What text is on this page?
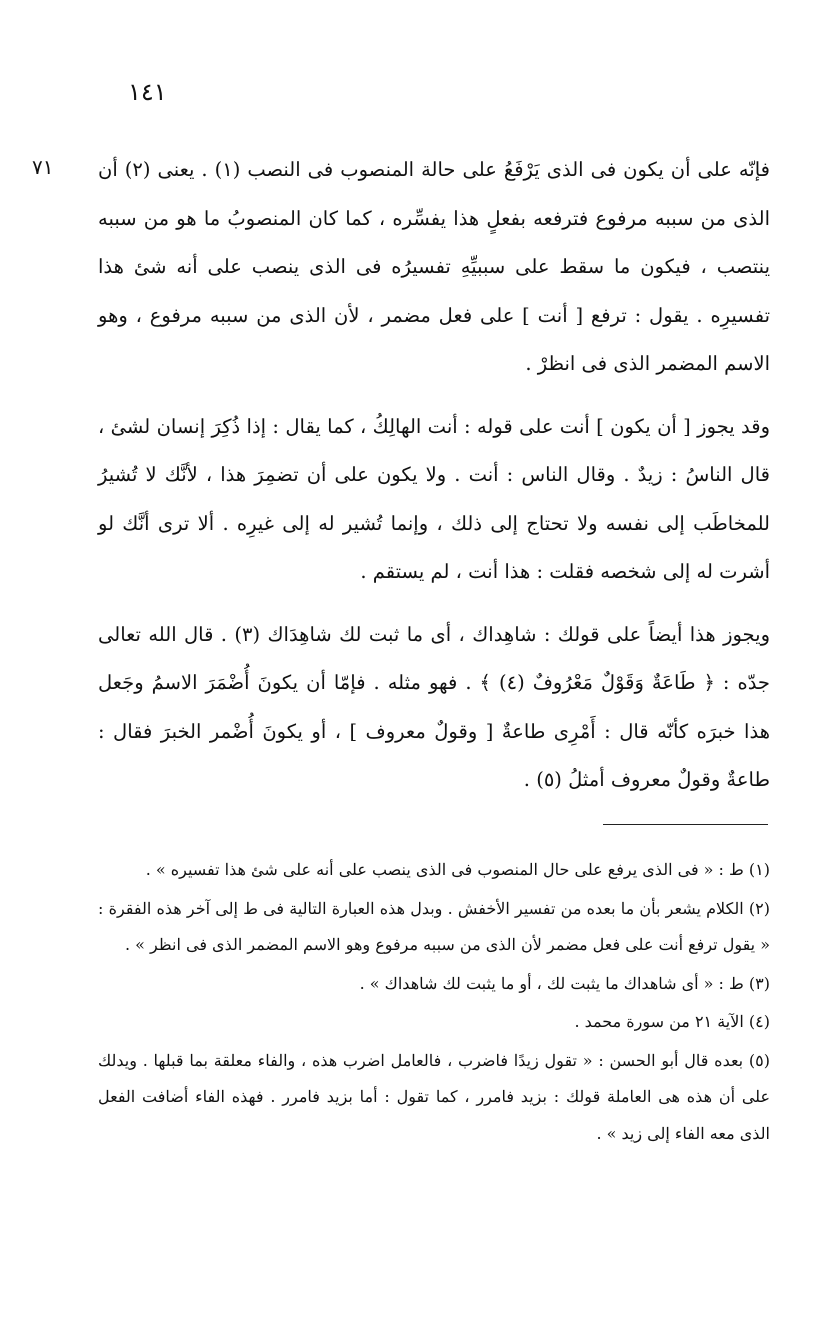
١٤١
٧١ فإنّه على أن يكون فى الذى يَرْفَعُ على حالة المنصوب فى النصب (١) . يعنى (٢) أن الذى من سببه مرفوع فترفعه بفعلٍ هذا يفسِّره ، كما كان المنصوبُ ما هو من سببه ينتصب ، فيكون ما سقط على سببيِّهِ تفسيرُه فى الذى ينصب على أنه شئ هذا تفسيرِه . يقول : ترفع [ أنت ] على فعل مضمر ، لأن الذى من سببه مرفوع ، وهو الاسم المضمر الذى فى انظرْ .

وقد يجوز [ أن يكون ] أنت على قوله : أنت الهالِكُ ، كما يقال : إذا ذُكِرَ إنسان لشئ ، قال الناسُ : زيدٌ . وقال الناس : أنت . ولا يكون على أن تضمِرَ هذا ، لأنَّك لا تُشيرُ للمخاطَب إلى نفسه ولا تحتاج إلى ذلك ، وإنما تُشير له إلى غيرِه . ألا ترى أنَّك لو أشرت له إلى شخصه فقلت : هذا أنت ، لم يستقم .

ويجوز هذا أيضاً على قولك : شاهِداك ، أى ما ثبت لك شاهِدَاك (٣) . قال الله تعالى جدّه : ﴿ طَاعَةٌ وَقَوْلٌ مَعْرُوفٌ (٤) ﴾ . فهو مثله . فإمّا أن يكونَ أُضْمَرَ الاسمُ وجَعل هذا خبرَه كأنّه قال : أَمْرِى طاعةٌ [ وقولٌ معروف ] ، أو يكونَ أُضْمر الخبرَ فقال : طاعةٌ وقولٌ معروف أمثلُ (٥) .

(١) ط : « فى الذى يرفع على حال المنصوب فى الذى ينصب على أنه على شئ هذا تفسيره » .

(٢) الكلام يشعر بأن ما بعده من تفسير الأخفش . وبدل هذه العبارة التالية فى ط إلى آخر هذه الفقرة : « يقول ترفع أنت على فعل مضمر لأن الذى من سببه مرفوع وهو الاسم المضمر الذى فى انظر » .

(٣) ط : « أى شاهداك ما يثبت لك ، أو ما يثبت لك شاهداك » .

(٤) الآية ٢١ من سورة محمد .

(٥) بعده قال أبو الحسن : « تقول زيدًا فاضرب ، فالعامل اضرب هذه ، والفاء معلقة بما قبلها . ويدلك على أن هذه هى العاملة قولك : بزيد فامرر ، كما تقول : أما بزيد فامرر . فهذه الفاء أضافت الفعل الذى معه الفاء إلى زيد » .
